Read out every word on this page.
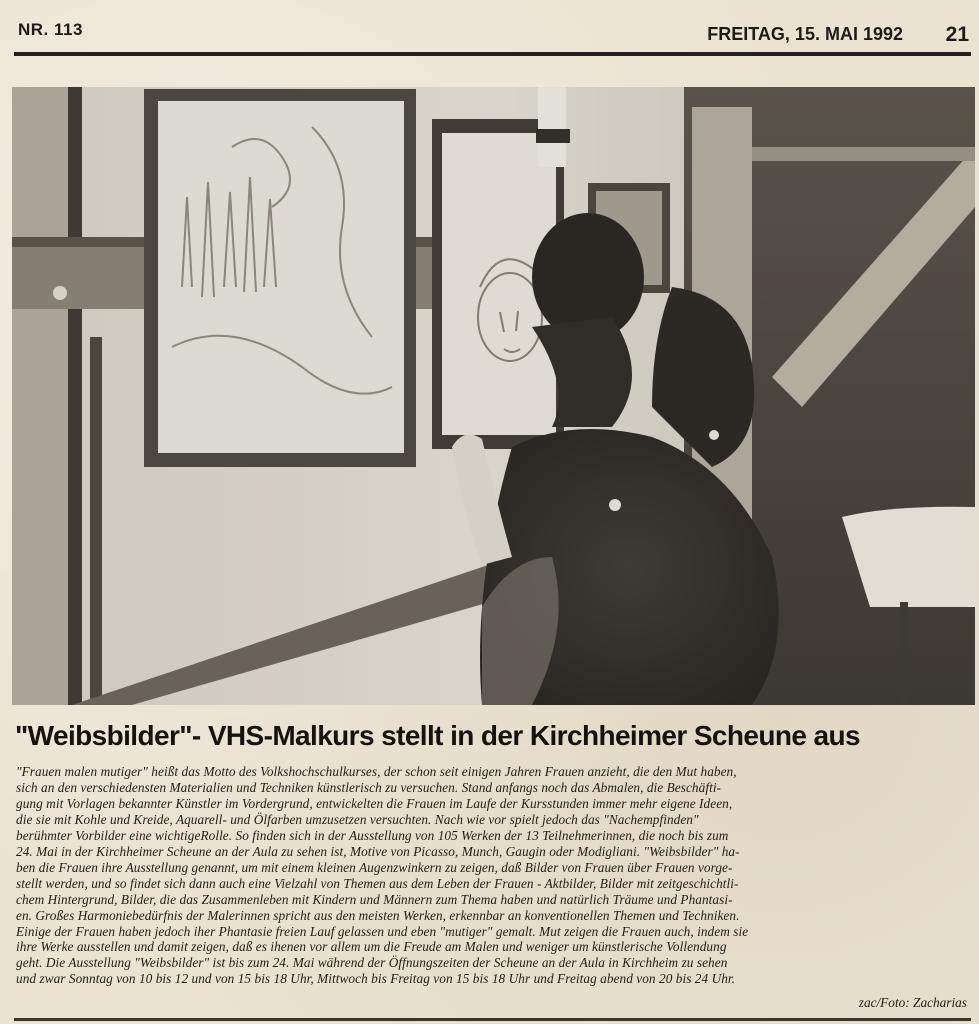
NR. 113	FREITAG, 15. MAI 1992 21
"Weibsbilder"- VHS-Malkurs stellt in der Kirchheimer Scheune aus
"Frauen malen mutiger" heißt das Motto des Volkshochschulkurses, der schon seit einigen Jahren Frauen anzieht, die den Mut haben,
sich an den verschiedensten Materialien und Techniken künstlerisch zu versuchen. Stand anfangs noch das Abmalen, die Beschäfti-
gung mit Vorlagen bekannter Künstler im Vordergrund, entwickelten die Frauen im Laufe der Kursstunden immer mehr eigene Ideen,
die sie mit Kohle und Kreide, Aquarell- und Ölfarben umzusetzen versuchten. Nach wie vor spielt jedoch das "Nachempfinden"
berühmter Vorbilder eine wichtigeRolle. So finden sich in der Ausstellung von 105 Werken der 13 Teilnehmerinnen, die noch bis zum
24. Mai in der Kirchheimer Scheune an der Aula zu sehen ist, Motive von Picasso, Munch, Gaugin oder Modigliani. "Weibsbilder" ha-
ben die Frauen ihre Ausstellung genannt, um mit einem kleinen Augenzwinkern zu zeigen, daß Bilder von Frauen über Frauen vorge-
stellt werden, und so findet sich dann auch eine Vielzahl von Themen aus dem Leben der Frauen - Aktbilder, Bilder mit zeitgeschichtli-
chem Hintergrund, Bilder, die das Zusammenleben mit Kindern und Männern zum Thema haben und natürlich Träume und Phantasi-
en. Großes Harmoniebedürfnis der Malerinnen spricht aus den meisten Werken, erkennbar an konventionellen Themen und Techniken.
Einige der Frauen haben jedoch iher Phantasie freien Lauf gelassen und eben "mutiger" gemalt. Mut zeigen die Frauen auch, indem sie
ihre Werke ausstellen und damit zeigen, daß es ihenen vor allem um die Freude am Malen und weniger um künstlerische Vollendung
geht. Die Ausstellung "Weibsbilder" ist bis zum 24. Mai während der Öffnungszeiten der Scheune an der Aula in Kirchheim zu sehen
und zwar Sonntag von 10 bis 12 und von 15 bis 18 Uhr, Mittwoch bis Freitag von 15 bis 18 Uhr und Freitag abend von 20 bis 24 Uhr.
zac/Foto: Zacharias
